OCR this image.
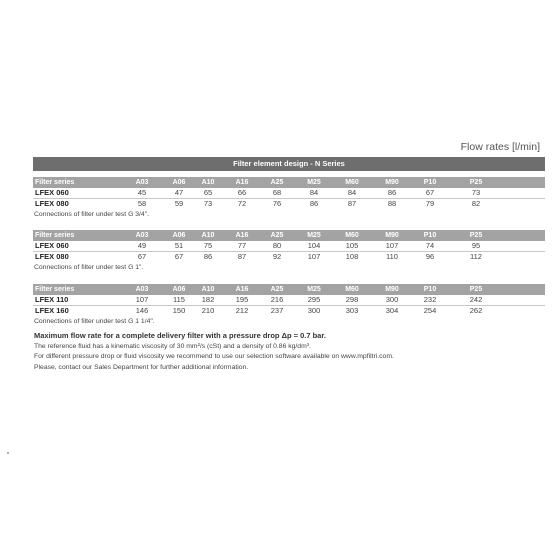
Flow rates [l/min]
Filter element design - N Series
Filter series	A03	A06	A10	A16	A25	M25	M60	M90	P10	P25
LFEX 060	45	47	65	66	68	84	84	86	67	73
LFEX 080	58	59	73	72	76	86	87	88	79	82
Connections of filter under test G 3/4".
Filter series	A03	A06	A10	A16	A25	M25	M60	M90	P10	P25
LFEX 060	49	51	75	77	80	104	105	107	74	95
LFEX 080	67	67	86	87	92	107	108	110	96	112
Connections of filter under test G 1".
Filter series	A03	A06	A10	A16	A25	M25	M60	M90	P10	P25
LFEX 110	107	115	182	195	216	295	298	300	232	242
LFEX 160	146	150	210	212	237	300	303	304	254	262
Connections of filter under test G 1 1/4".
Maximum flow rate for a complete delivery filter with a pressure drop Δp = 0.7 bar.
The reference fluid has a kinematic viscosity of 30 mm²/s (cSt) and a density of 0.86 kg/dm³.
For different pressure drop or fluid viscosity we recommend to use our selection software available on www.mpfiltri.com.
Please, contact our Sales Department for further additional information.
